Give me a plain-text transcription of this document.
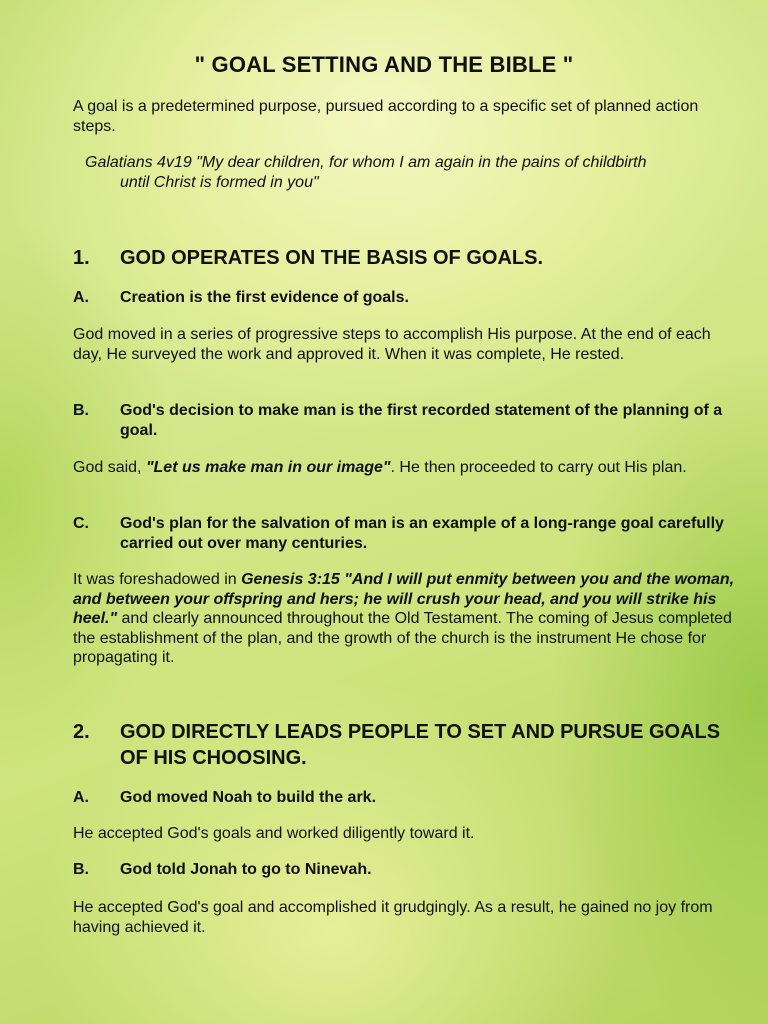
" GOAL SETTING AND THE BIBLE "
A goal is a predetermined purpose, pursued according to a specific set of planned action steps.
Galatians 4v19 "My dear children, for whom I am again in the pains of childbirth
until Christ is formed in you"
1. GOD OPERATES ON THE BASIS OF GOALS.
A. Creation is the first evidence of goals.
God moved in a series of progressive steps to accomplish His purpose. At the end of each day, He surveyed the work and approved it. When it was complete, He rested.
B. God's decision to make man is the first recorded statement of the planning of a goal.
God said, "Let us make man in our image". He then proceeded to carry out His plan.
C. God's plan for the salvation of man is an example of a long-range goal carefully carried out over many centuries.
It was foreshadowed in Genesis 3:15 "And I will put enmity between you and the woman, and between your offspring and hers; he will crush your head, and you will strike his heel." and clearly announced throughout the Old Testament. The coming of Jesus completed the establishment of the plan, and the growth of the church is the instrument He chose for propagating it.
2. GOD DIRECTLY LEADS PEOPLE TO SET AND PURSUE GOALS OF HIS CHOOSING.
A. God moved Noah to build the ark.
He accepted God's goals and worked diligently toward it.
B. God told Jonah to go to Ninevah.
He accepted God's goal and accomplished it grudgingly. As a result, he gained no joy from having achieved it.
